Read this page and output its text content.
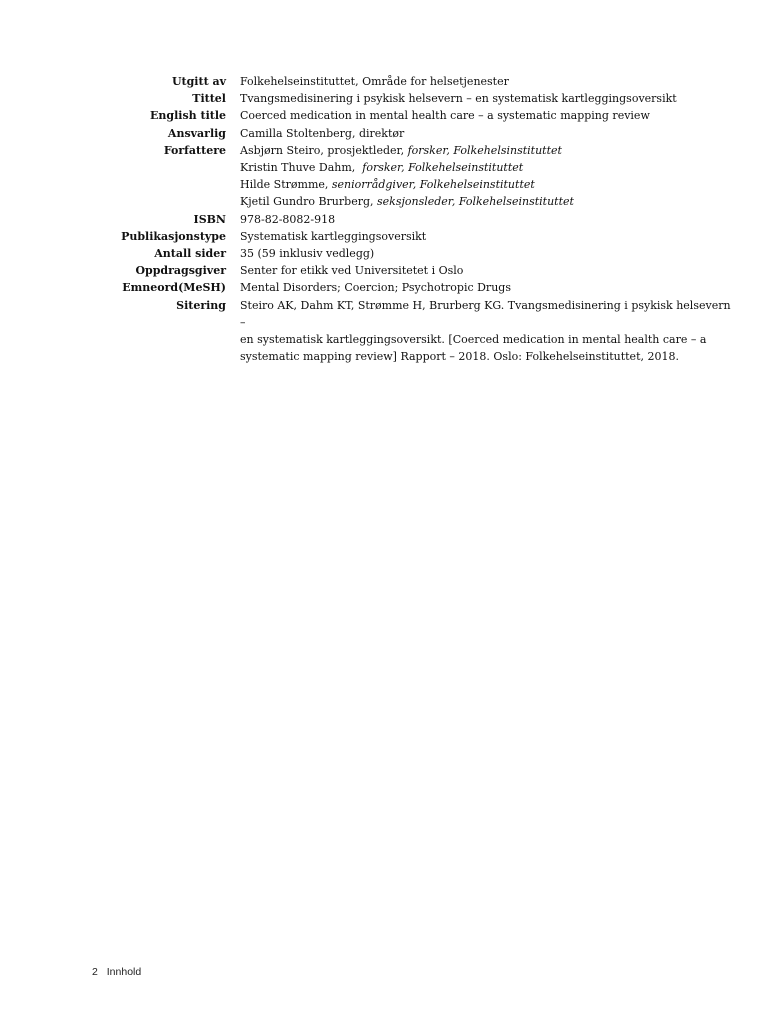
Utgitt av Folkehelseinstituttet, Område for helsetjenester
Tittel Tvangsmedisinering i psykisk helsevern – en systematisk kartleggingsoversikt
English title Coerced medication in mental health care – a systematic mapping review
Ansvarlig Camilla Stoltenberg, direktør
Forfattere Asbjørn Steiro, prosjektleder, forsker, Folkehelsinstituttet
Kristin Thuve Dahm, forsker, Folkehelseinstituttet
Hilde Strømme, seniorrådgiver, Folkehelseinstituttet
Kjetil Gundro Brurberg, seksjonsleder, Folkehelseinstituttet
ISBN 978-82-8082-918
Publikasjonstype Systematisk kartleggingsoversikt
Antall sider 35 (59 inklusiv vedlegg)
Oppdragsgiver Senter for etikk ved Universitetet i Oslo
Emneord(MeSH) Mental Disorders; Coercion; Psychotropic Drugs
Sitering Steiro AK, Dahm KT, Strømme H, Brurberg KG. Tvangsmedisinering i psykisk helsevern –
en systematisk kartleggingsoversikt. [Coerced medication in mental health care – a
systematic mapping review] Rapport – 2018. Oslo: Folkehelseinstituttet, 2018.
2 Innhold
